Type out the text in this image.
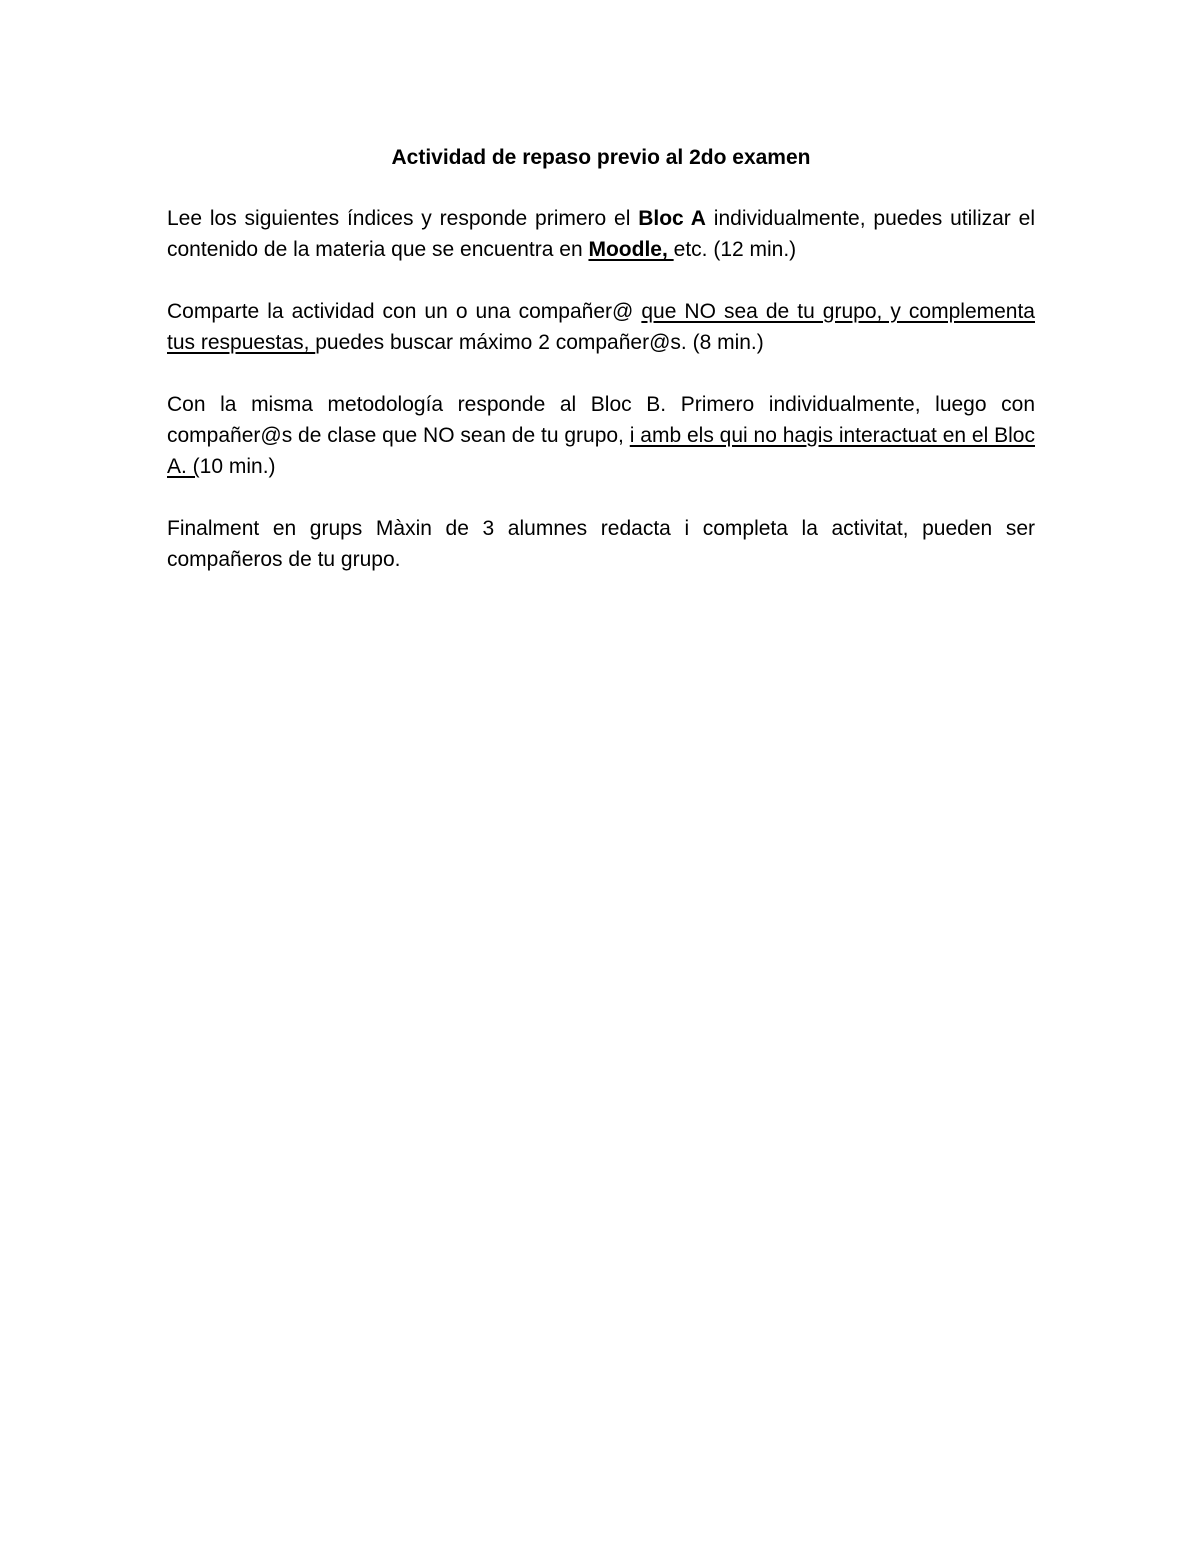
Actividad de repaso previo al 2do examen

Lee los siguientes índices y responde primero el Bloc A individualmente, puedes utilizar el contenido de la materia que se encuentra en Moodle, etc. (12 min.)

Comparte la actividad con un o una compañer@ que NO sea de tu grupo, y complementa tus respuestas, puedes buscar máximo 2 compañer@s. (8 min.)

Con la misma metodología responde al Bloc B. Primero individualmente, luego con compañer@s de clase que NO sean de tu grupo, i amb els qui no hagis interactuat en el Bloc A. (10 min.)

Finalment en grups Màxin de 3 alumnes redacta i completa la activitat, pueden ser compañeros de tu grupo.
